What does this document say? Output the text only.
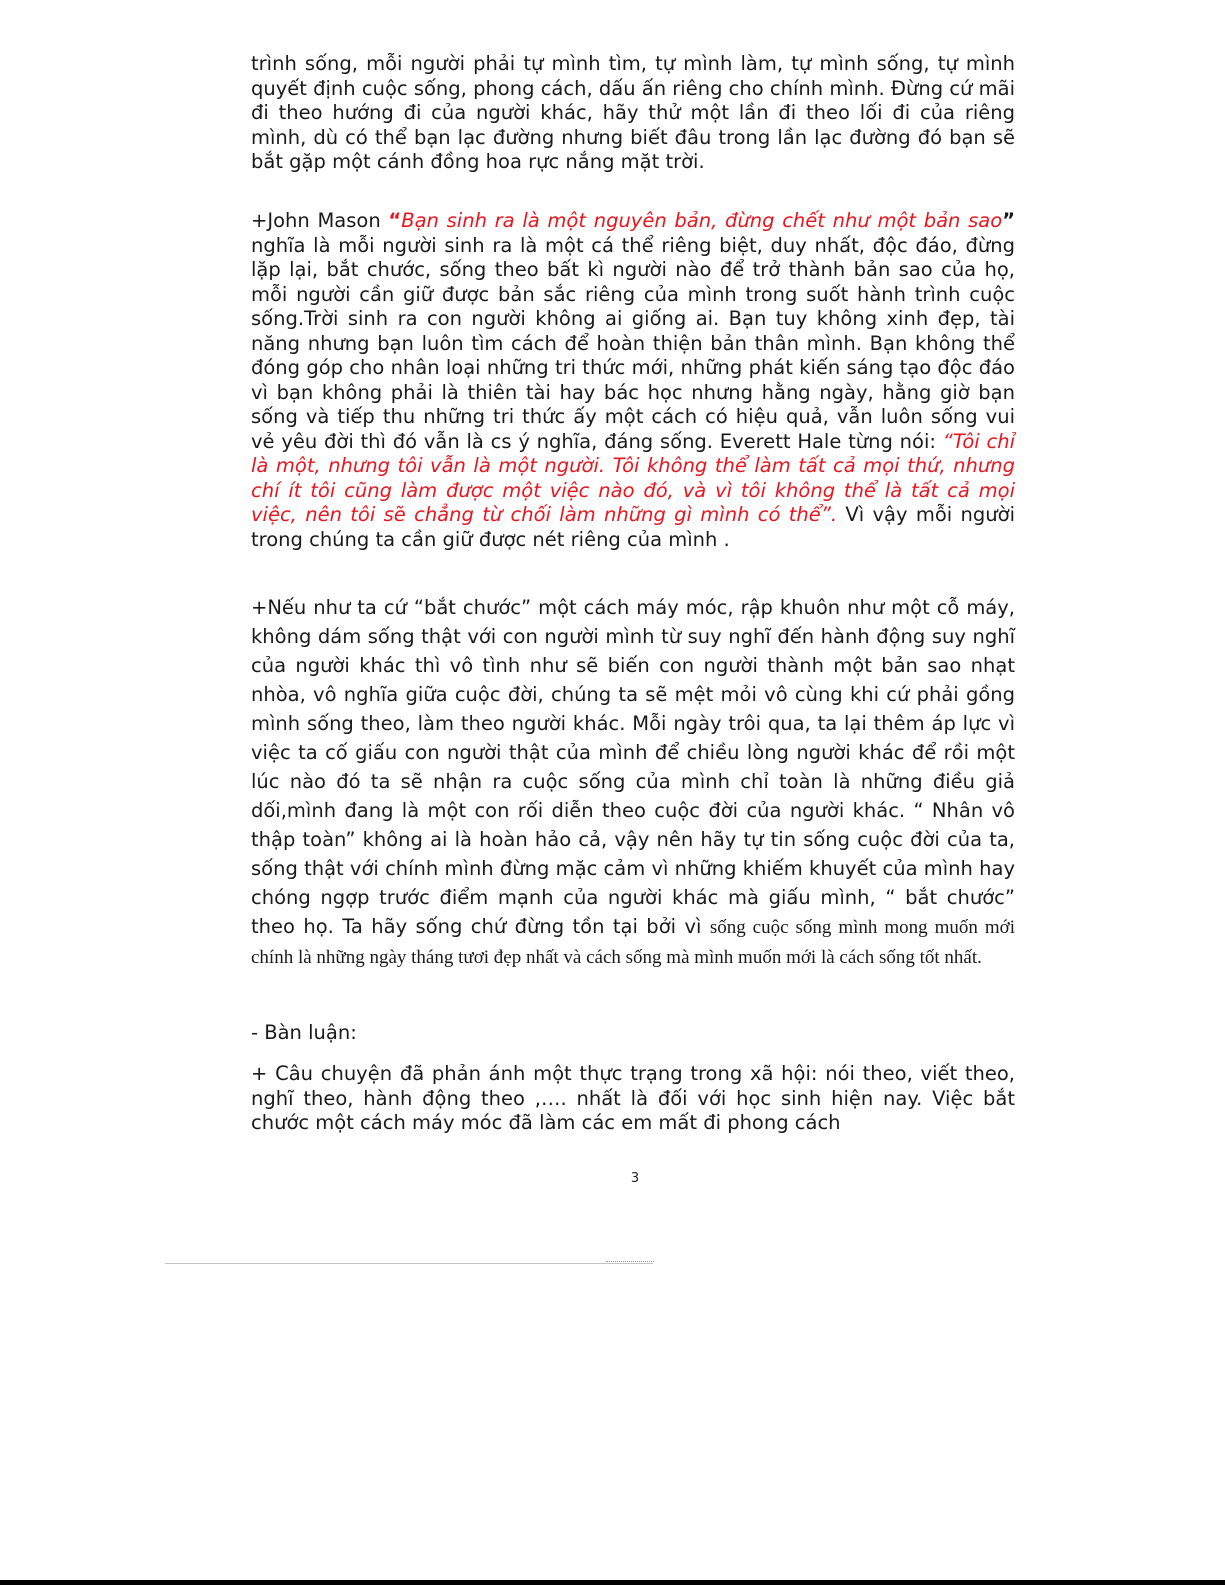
trình sống, mỗi người phải tự mình tìm, tự mình làm, tự mình sống, tự mình quyết định cuộc sống, phong cách, dấu ấn riêng cho chính mình. Đừng cứ mãi đi theo hướng đi của người khác, hãy thử một lần đi theo lối đi của riêng mình, dù có thể bạn lạc đường nhưng biết đâu trong lần lạc đường đó bạn sẽ bắt gặp một cánh đồng hoa rực nắng mặt trời.

+John Mason “Bạn sinh ra là một nguyên bản, đừng chết như một bản sao” nghĩa là mỗi người sinh ra là một cá thể riêng biệt, duy nhất, độc đáo, đừng lặp lại, bắt chước, sống theo bất kì người nào để trở thành bản sao của họ, mỗi người cần giữ được bản sắc riêng của mình trong suốt hành trình cuộc sống.Trời sinh ra con người không ai giống ai. Bạn tuy không xinh đẹp, tài năng nhưng bạn luôn tìm cách để hoàn thiện bản thân mình. Bạn không thể đóng góp cho nhân loại những tri thức mới, những phát kiến sáng tạo độc đáo vì bạn không phải là thiên tài hay bác học nhưng hằng ngày, hằng giờ bạn sống và tiếp thu những tri thức ấy một cách có hiệu quả, vẫn luôn sống vui vẻ yêu đời thì đó vẫn là cs ý nghĩa, đáng sống. Everett Hale từng nói: “Tôi chỉ là một, nhưng tôi vẫn là một người. Tôi không thể làm tất cả mọi thứ, nhưng chí ít tôi cũng làm được một việc nào đó, và vì tôi không thể là tất cả mọi việc, nên tôi sẽ chẳng từ chối làm những gì mình có thể”. Vì vậy mỗi người trong chúng ta cần giữ được nét riêng của mình .

+Nếu như ta cứ “bắt chước” một cách máy móc, rập khuôn như một cỗ máy, không dám sống thật với con người mình từ suy nghĩ đến hành động suy nghĩ của người khác thì vô tình như sẽ biến con người thành một bản sao nhạt nhòa, vô nghĩa giữa cuộc đời, chúng ta sẽ mệt mỏi vô cùng khi cứ phải gồng mình sống theo, làm theo người khác. Mỗi ngày trôi qua, ta lại thêm áp lực vì việc ta cố giấu con người thật của mình để chiều lòng người khác để rồi một lúc nào đó ta sẽ nhận ra cuộc sống của mình chỉ toàn là những điều giả dối,mình đang là một con rối diễn theo cuộc đời của người khác. “ Nhân vô thập toàn” không ai là hoàn hảo cả, vậy nên hãy tự tin sống cuộc đời của ta, sống thật với chính mình đừng mặc cảm vì những khiếm khuyết của mình hay chóng ngợp trước điểm mạnh của người khác mà giấu mình, “ bắt chước” theo họ. Ta hãy sống chứ đừng tồn tại bởi vì sống cuộc sống mình mong muốn mới chính là những ngày tháng tươi đẹp nhất và cách sống mà mình muốn mới là cách sống tốt nhất.

- Bàn luận:

+ Câu chuyện đã phản ánh một thực trạng trong xã hội: nói theo, viết theo, nghĩ theo, hành động theo ,…. nhất là đối với học sinh hiện nay. Việc bắt chước một cách máy móc đã làm các em mất đi phong cách

3
